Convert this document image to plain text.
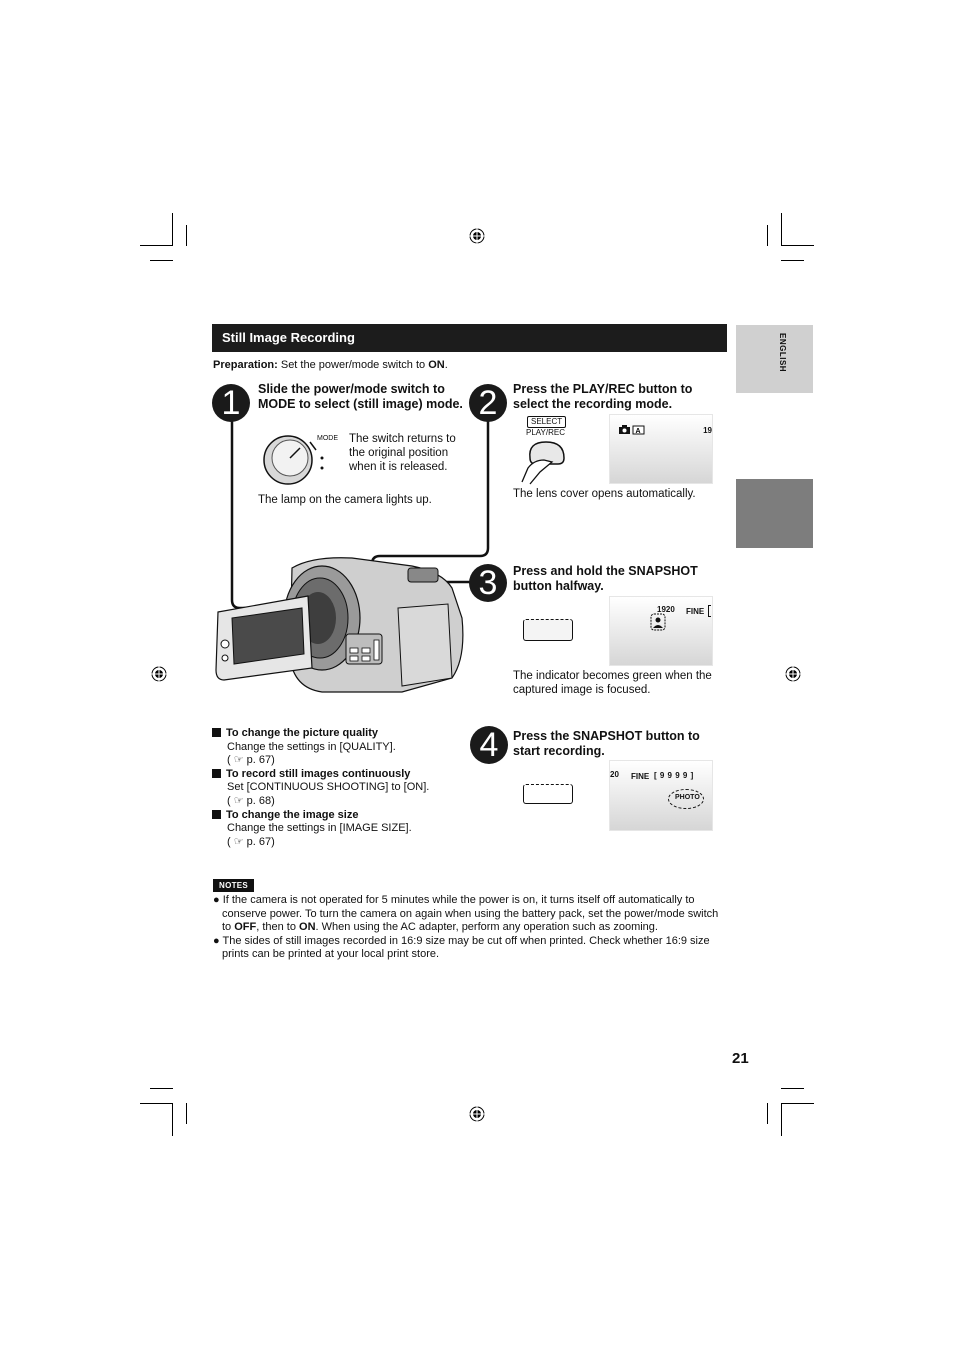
ENGLISH
Still Image Recording
Preparation: Set the power/mode switch to ON.
1	Slide the power/mode switch to MODE to select (still image) mode.
MODE The switch returns to the original position when it is released.
The lamp on the camera lights up.
2	Press the PLAY/REC button to select the recording mode.
SELECT
PLAY/REC	A	19
The lens cover opens automatically.
3	Press and hold the SNAPSHOT button halfway.
1920 FINE
The indicator becomes green when the captured image is focused.
4	Press the SNAPSHOT button to start recording.
20 FINE [ 9 9 9 9 ]
PHOTO
To change the picture quality
Change the settings in [QUALITY].
( ☞ p. 67)
To record still images continuously
Set [CONTINUOUS SHOOTING] to [ON].
( ☞ p. 68)
To change the image size
Change the settings in [IMAGE SIZE].
( ☞ p. 67)
NOTES
● If the camera is not operated for 5 minutes while the power is on, it turns itself off automatically to conserve power. To turn the camera on again when using the battery pack, set the power/mode switch to OFF, then to ON. When using the AC adapter, perform any operation such as zooming.
● The sides of still images recorded in 16:9 size may be cut off when printed. Check whether 16:9 size prints can be printed at your local print store.
21
